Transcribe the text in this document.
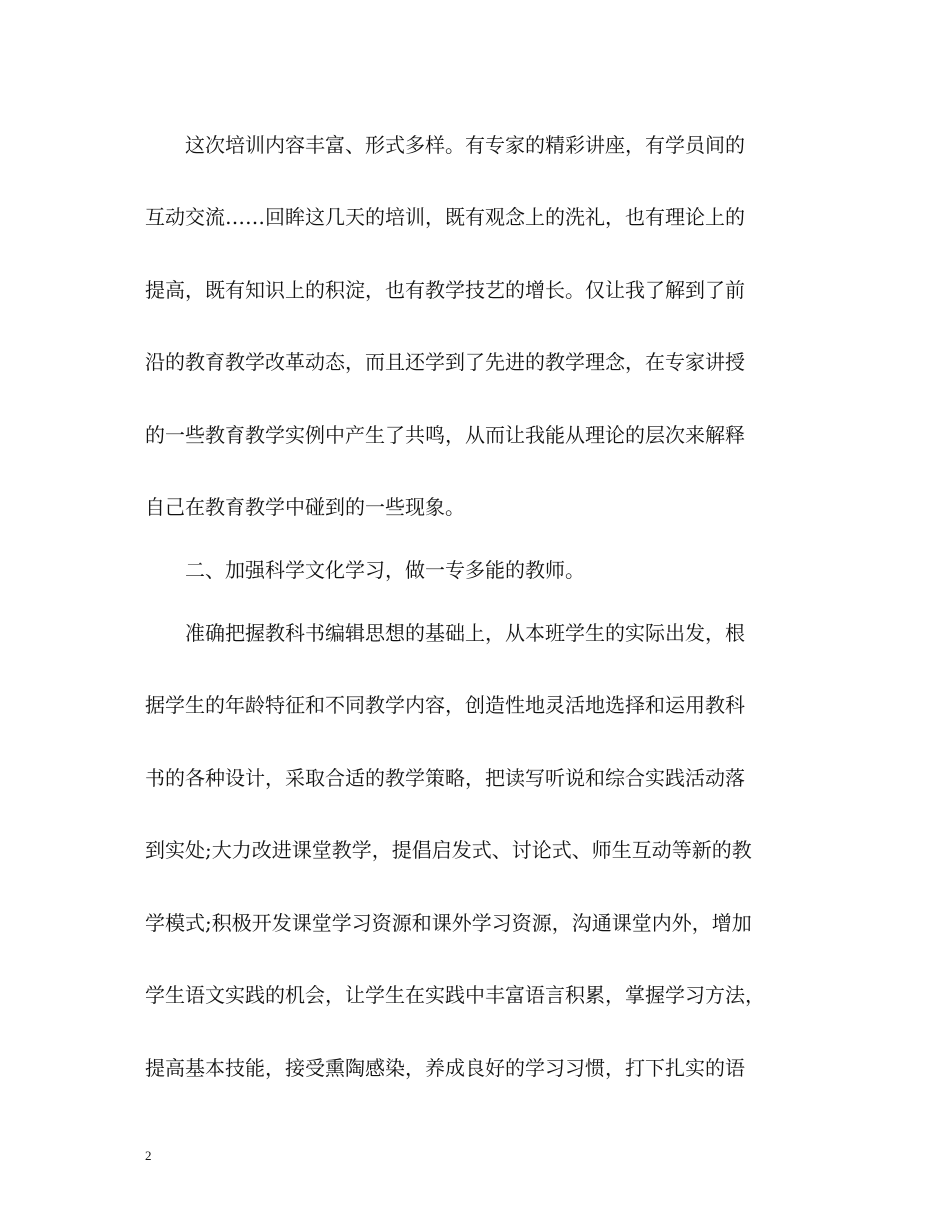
　　这次培训内容丰富、形式多样。有专家的精彩讲座，有学员间的
互动交流……回眸这几天的培训，既有观念上的洗礼，也有理论上的
提高，既有知识上的积淀，也有教学技艺的增长。仅让我了解到了前
沿的教育教学改革动态，而且还学到了先进的教学理念，在专家讲授
的一些教育教学实例中产生了共鸣，从而让我能从理论的层次来解释
自己在教育教学中碰到的一些现象。
　　二、加强科学文化学习，做一专多能的教师。
　　准确把握教科书编辑思想的基础上，从本班学生的实际出发，根
据学生的年龄特征和不同教学内容，创造性地灵活地选择和运用教科
书的各种设计，采取合适的教学策略，把读写听说和综合实践活动落
到实处;大力改进课堂教学，提倡启发式、讨论式、师生互动等新的教
学模式;积极开发课堂学习资源和课外学习资源，沟通课堂内外，增加
学生语文实践的机会，让学生在实践中丰富语言积累，掌握学习方法，
提高基本技能，接受熏陶感染，养成良好的学习习惯，打下扎实的语
2
